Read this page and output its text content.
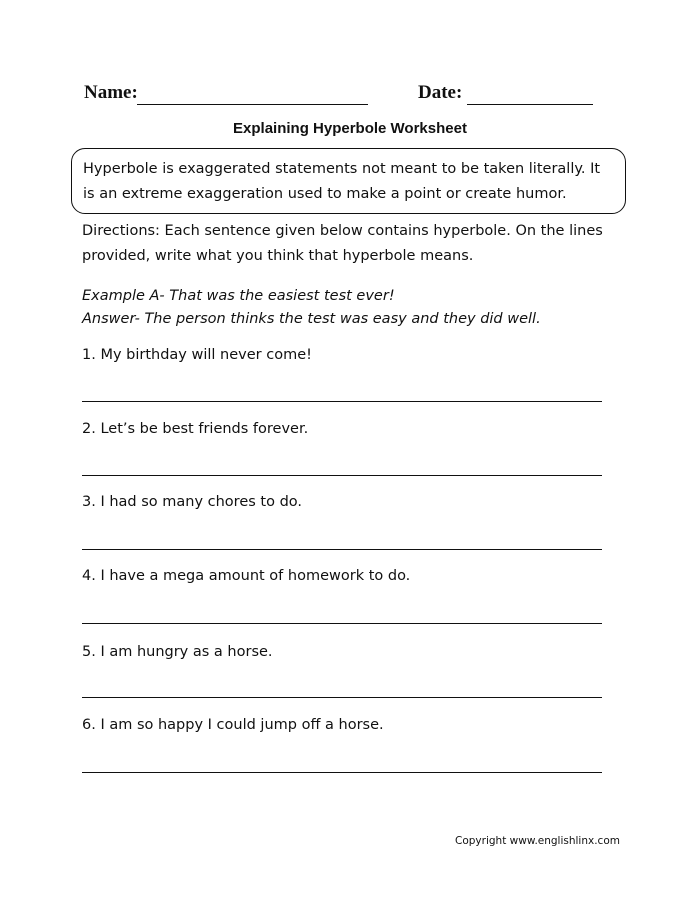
Name:	Date:
Explaining Hyperbole Worksheet
Hyperbole is exaggerated statements not meant to be taken literally. It is an extreme exaggeration used to make a point or create humor.
Directions: Each sentence given below contains hyperbole. On the lines provided, write what you think that hyperbole means.
Example A- That was the easiest test ever!
Answer- The person thinks the test was easy and they did well.
1. My birthday will never come!
2. Let’s be best friends forever.
3. I had so many chores to do.
4. I have a mega amount of homework to do.
5. I am hungry as a horse.
6. I am so happy I could jump off a horse.
Copyright www.englishlinx.com
